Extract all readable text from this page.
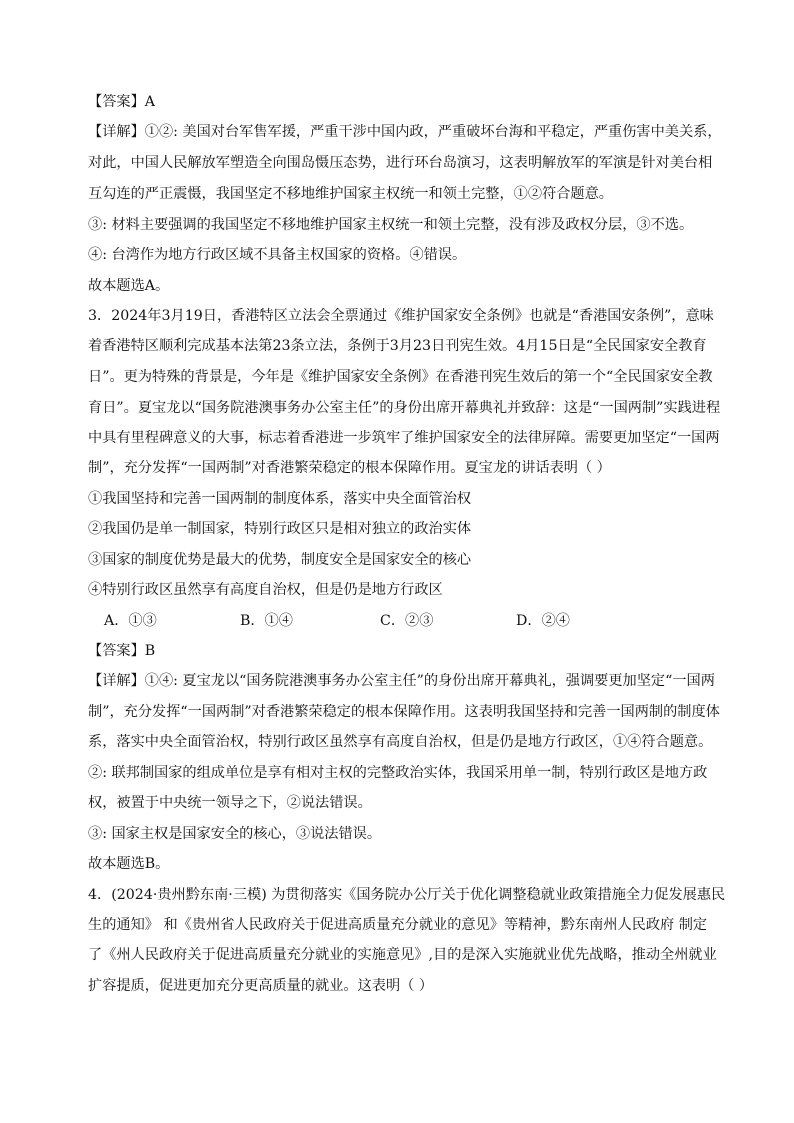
【答案】A
【详解】①②: 美国对台军售军援，严重干涉中国内政，严重破坏台海和平稳定，严重伤害中美关系，
对此，中国人民解放军塑造全向围岛慑压态势，进行环台岛演习，这表明解放军的军演是针对美台相
互勾连的严正震慑，我国坚定不移地维护国家主权统一和领土完整，①②符合题意。
③: 材料主要强调的我国坚定不移地维护国家主权统一和领土完整，没有涉及政权分层，③不选。
④: 台湾作为地方行政区域不具备主权国家的资格。④错误。
故本题选A。
3．2024年3月19日，香港特区立法会全票通过《维护国家安全条例》也就是“香港国安条例”，意味
着香港特区顺利完成基本法第23条立法，条例于3月23日刊宪生效。4月15日是“全民国家安全教育
日”。更为特殊的背景是，今年是《维护国家安全条例》在香港刊宪生效后的第一个“全民国家安全教
育日”。夏宝龙以“国务院港澳事务办公室主任”的身份出席开幕典礼并致辞：这是“一国两制”实践进程
中具有里程碑意义的大事，标志着香港进一步筑牢了维护国家安全的法律屏障。需要更加坚定“一国两
制”，充分发挥“一国两制”对香港繁荣稳定的根本保障作用。夏宝龙的讲话表明（ ）
①我国坚持和完善一国两制的制度体系，落实中央全面管治权
②我国仍是单一制国家，特别行政区只是相对独立的政治实体
③国家的制度优势是最大的优势，制度安全是国家安全的核心
④特别行政区虽然享有高度自治权，但是仍是地方行政区
A．①③	B．①④	C．②③	D．②④
【答案】B
【详解】①④: 夏宝龙以“国务院港澳事务办公室主任”的身份出席开幕典礼，强调要更加坚定“一国两
制”，充分发挥“一国两制”对香港繁荣稳定的根本保障作用。这表明我国坚持和完善一国两制的制度体
系，落实中央全面管治权，特别行政区虽然享有高度自治权，但是仍是地方行政区，①④符合题意。
②: 联邦制国家的组成单位是享有相对主权的完整政治实体，我国采用单一制，特别行政区是地方政
权，被置于中央统一领导之下，②说法错误。
③: 国家主权是国家安全的核心，③说法错误。
故本题选B。
4．(2024·贵州黔东南·三模) 为贯彻落实《国务院办公厅关于优化调整稳就业政策措施全力促发展惠民
生的通知》 和《贵州省人民政府关于促进高质量充分就业的意见》等精神，黔东南州人民政府 制定
了《州人民政府关于促进高质量充分就业的实施意见》,目的是深入实施就业优先战略，推动全州就业
扩容提质，促进更加充分更高质量的就业。这表明（ ）
